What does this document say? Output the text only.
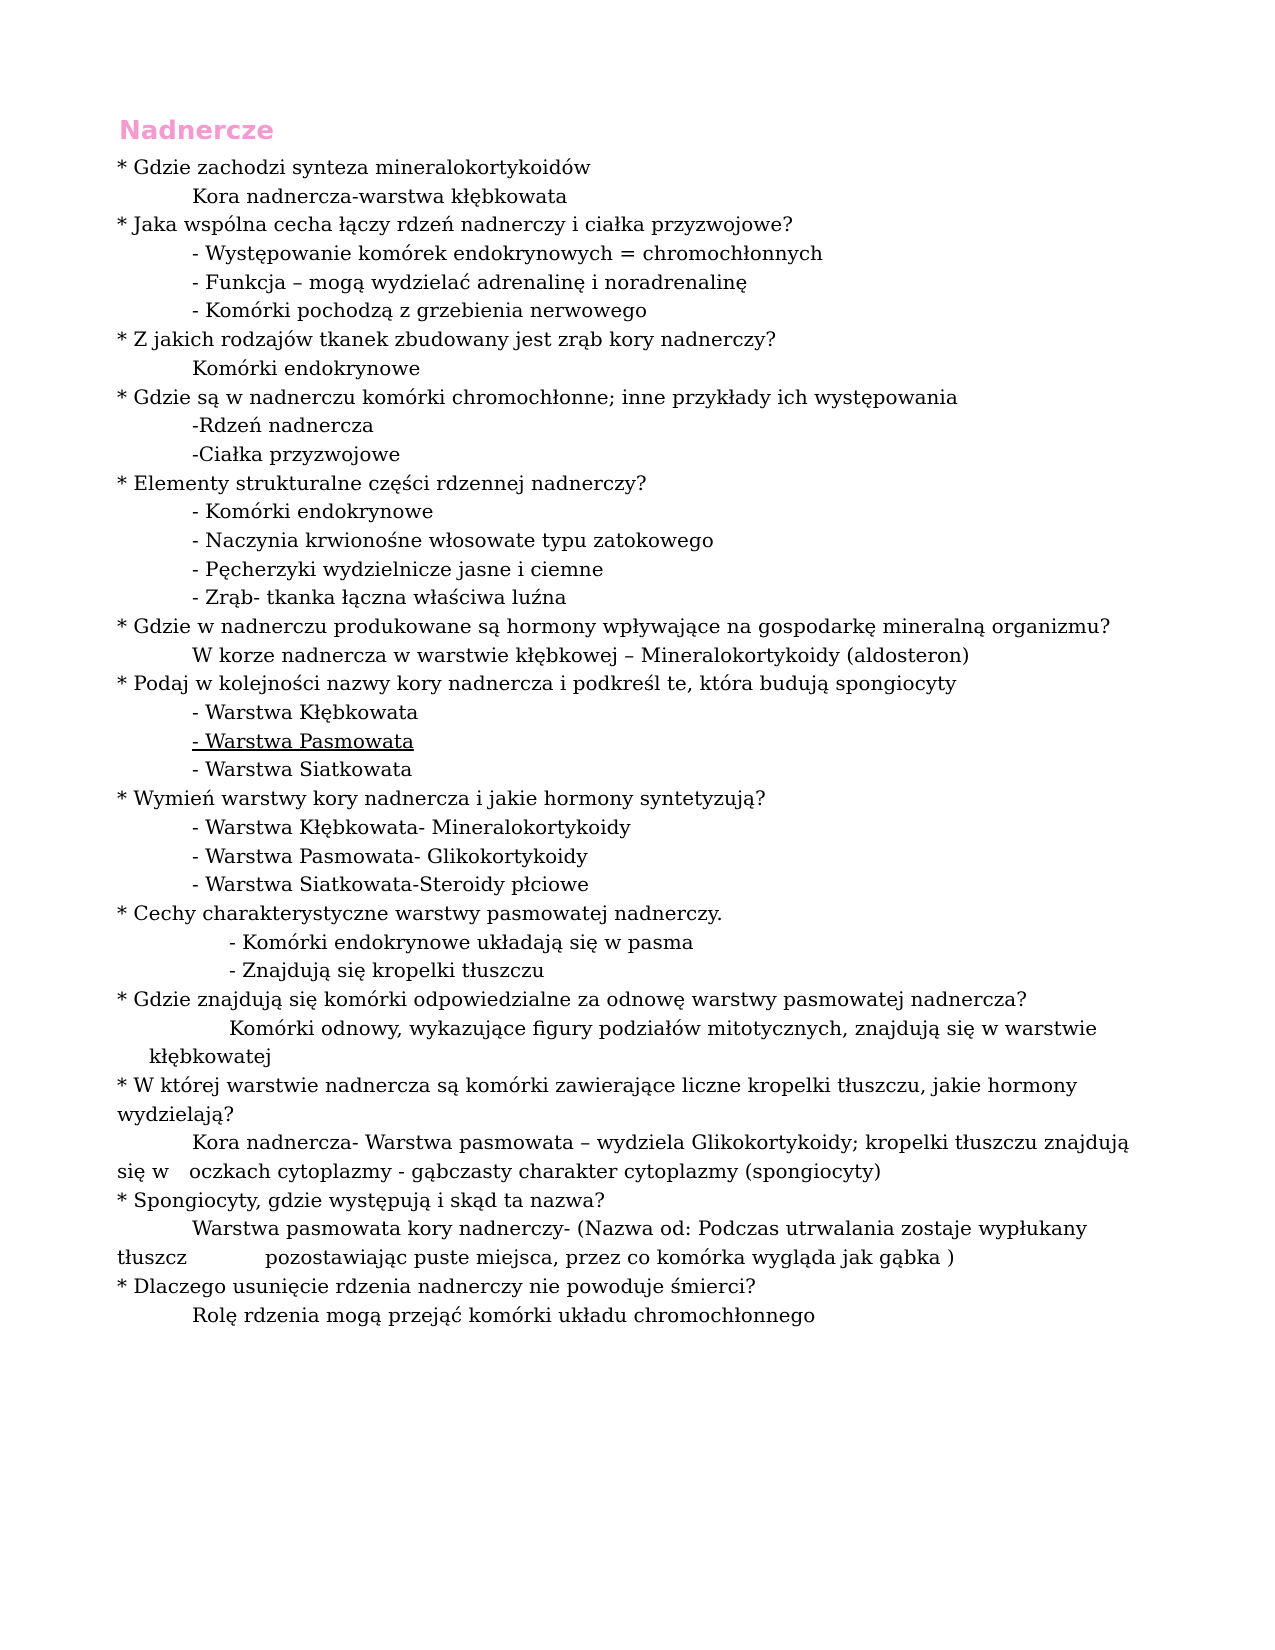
Nadnercze
* Gdzie zachodzi synteza mineralokortykoidów
Kora nadnercza-warstwa kłębkowata
* Jaka wspólna cecha łączy rdzeń nadnerczy i ciałka przyzwojowe?
- Występowanie komórek endokrynowych = chromochłonnych
- Funkcja – mogą wydzielać adrenalinę i noradrenalinę
- Komórki pochodzą z grzebienia nerwowego
* Z jakich rodzajów tkanek zbudowany jest zrąb kory nadnerczy?
Komórki endokrynowe
* Gdzie są w nadnerczu komórki chromochłonne; inne przykłady ich występowania
-Rdzeń nadnercza
-Ciałka przyzwojowe
* Elementy strukturalne części rdzennej nadnerczy?
- Komórki endokrynowe
- Naczynia krwionośne włosowate typu zatokowego
- Pęcherzyki wydzielnicze jasne i ciemne
- Zrąb- tkanka łączna właściwa luźna
* Gdzie w nadnerczu produkowane są hormony wpływające na gospodarkę mineralną organizmu?
W korze nadnercza w warstwie kłębkowej – Mineralokortykoidy (aldosteron)
* Podaj w kolejności nazwy kory nadnercza i podkreśl te, która budują spongiocyty
- Warstwa Kłębkowata
- Warstwa Pasmowata
- Warstwa Siatkowata
* Wymień warstwy kory nadnercza i jakie hormony syntetyzują?
- Warstwa Kłębkowata- Mineralokortykoidy
- Warstwa Pasmowata- Glikokortykoidy
- Warstwa Siatkowata-Steroidy płciowe
* Cechy charakterystyczne warstwy pasmowatej nadnerczy.
- Komórki endokrynowe układają się w pasma
- Znajdują się kropelki tłuszczu
* Gdzie znajdują się komórki odpowiedzialne za odnowę warstwy pasmowatej nadnercza?
Komórki odnowy, wykazujące figury podziałów mitotycznych, znajdują się w warstwie
kłębkowatej
* W której warstwie nadnercza są komórki zawierające liczne kropelki tłuszczu, jakie hormony
wydzielają?
Kora nadnercza- Warstwa pasmowata – wydziela Glikokortykoidy; kropelki tłuszczu znajdują
się w oczkach cytoplazmy - gąbczasty charakter cytoplazmy (spongiocyty)
* Spongiocyty, gdzie występują i skąd ta nazwa?
Warstwa pasmowata kory nadnerczy- (Nazwa od: Podczas utrwalania zostaje wypłukany
tłuszcz	pozostawiając puste miejsca, przez co komórka wygląda jak gąbka )
* Dlaczego usunięcie rdzenia nadnerczy nie powoduje śmierci?
Rolę rdzenia mogą przejąć komórki układu chromochłonnego
